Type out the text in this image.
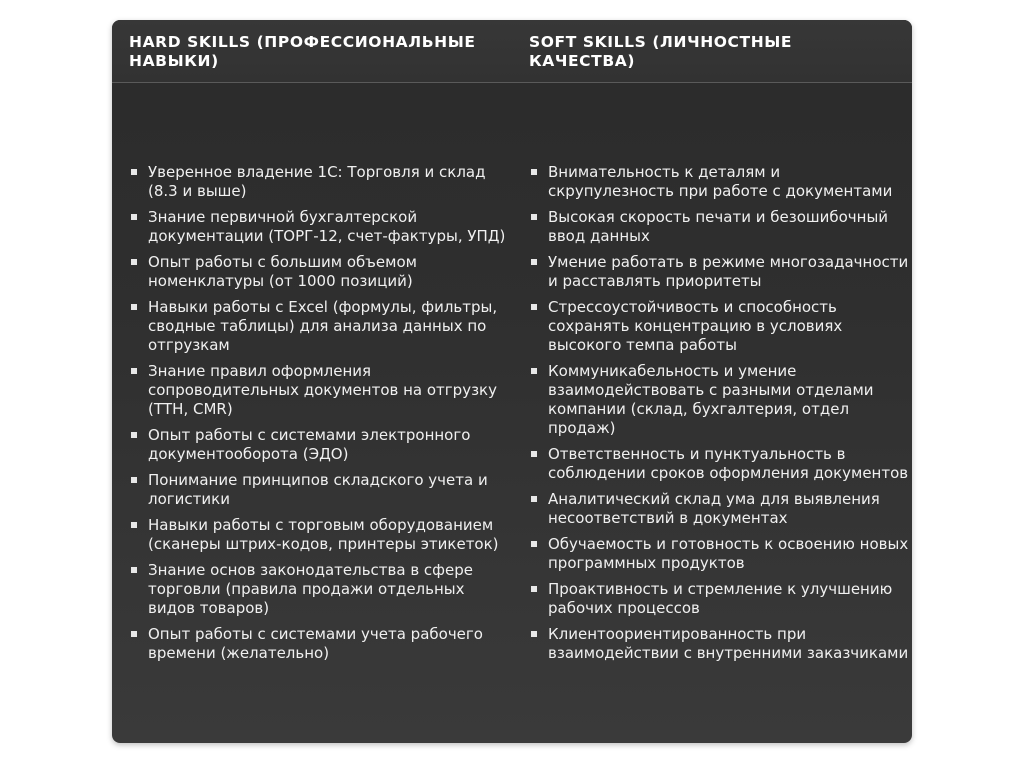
HARD SKILLS (ПРОФЕССИОНАЛЬНЫЕ НАВЫКИ)
SOFT SKILLS (ЛИЧНОСТНЫЕ КАЧЕСТВА)
Уверенное владение 1С: Торговля и склад (8.3 и выше)
Знание первичной бухгалтерской документации (ТОРГ-12, счет-фактуры, УПД)
Опыт работы с большим объемом номенклатуры (от 1000 позиций)
Навыки работы с Excel (формулы, фильтры, сводные таблицы) для анализа данных по отгрузкам
Знание правил оформления сопроводительных документов на отгрузку (ТТН, CMR)
Опыт работы с системами электронного документооборота (ЭДО)
Понимание принципов складского учета и логистики
Навыки работы с торговым оборудованием (сканеры штрих-кодов, принтеры этикеток)
Знание основ законодательства в сфере торговли (правила продажи отдельных видов товаров)
Опыт работы с системами учета рабочего времени (желательно)
Внимательность к деталям и скрупулезность при работе с документами
Высокая скорость печати и безошибочный ввод данных
Умение работать в режиме многозадачности и расставлять приоритеты
Стрессоустойчивость и способность сохранять концентрацию в условиях высокого темпа работы
Коммуникабельность и умение взаимодействовать с разными отделами компании (склад, бухгалтерия, отдел продаж)
Ответственность и пунктуальность в соблюдении сроков оформления документов
Аналитический склад ума для выявления несоответствий в документах
Обучаемость и готовность к освоению новых программных продуктов
Проактивность и стремление к улучшению рабочих процессов
Клиентоориентированность при взаимодействии с внутренними заказчиками
